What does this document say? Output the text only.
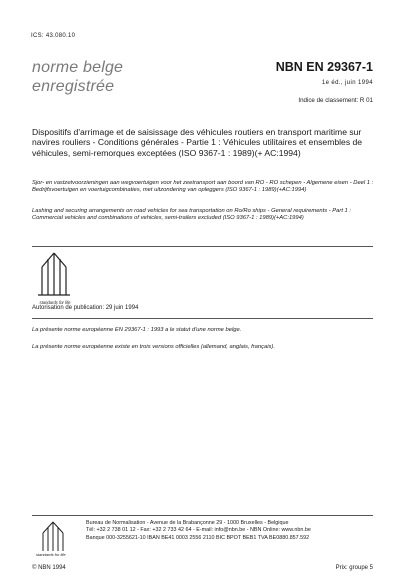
ICS: 43.080.10
norme belge
enregistrée
NBN EN 29367-1
1e éd., juin 1994
Indice de classement: R 01
Dispositifs d'arrimage et de saisissage des véhicules routiers en transport maritime sur navires rouliers - Conditions générales - Partie 1 : Véhicules utilitaires et ensembles de véhicules, semi-remorques exceptées (ISO 9367-1 : 1989)(+ AC:1994)
Sjor- en vastzetvoorzieningen aan wegvoertuigen voor het zeetransport aan boord van RO - RO schepen - Algemene eisen - Deel 1 : Bedrijfsvoertuigen en voertuigcombinaties, met uitzondering van opleggers (ISO 9367-1 : 1989)(+AC:1994)
Lashing and securing arrangements on road vehicles for sea transportation on Ro/Ro ships - General requirements - Part 1 : Commercial vehicles and combinations of vehicles, semi-trailers excluded (ISO 9367-1 : 1989)(+AC:1994)
standards for life
Autorisation de publication: 29 juin 1994
La présente norme européenne EN 29367-1 : 1993 a le statut d'une norme belge.
La présente norme européenne existe en trois versions officielles (allemand, anglais, français).
standards for life
Bureau de Normalisation - Avenue de la Brabançonne 29 - 1000 Bruxelles - Belgique
Tél: +32 2 738 01 12 - Fax: +32 2 733 42 64 - E-mail: info@nbn.be - NBN Online: www.nbn.be
Banque 000-3255621-10 IBAN BE41 0003 2556 2110 BIC BPOT BEB1 TVA BE0880.857.592
© NBN 1994	Prix: groupe 5
